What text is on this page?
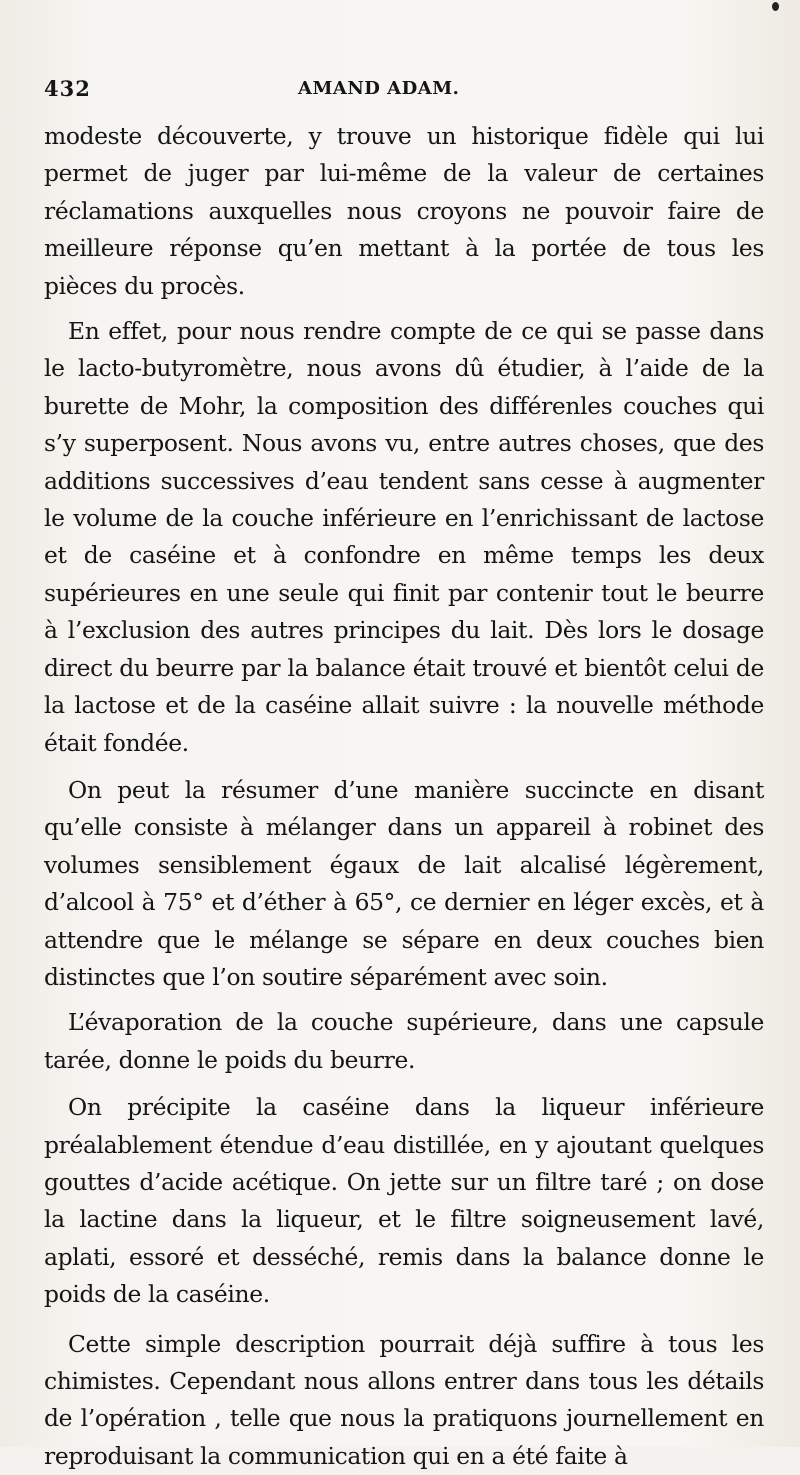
432	AMAND ADAM.

modeste découverte, y trouve un historique fidèle qui lui permet de juger par lui-même de la valeur de certaines réclamations auxquelles nous croyons ne pouvoir faire de meilleure réponse qu’en mettant à la portée de tous les pièces du procès.

En effet, pour nous rendre compte de ce qui se passe dans le lacto-butyromètre, nous avons dû étudier, à l’aide de la burette de Mohr, la composition des différenles couches qui s’y superposent. Nous avons vu, entre autres choses, que des additions successives d’eau tendent sans cesse à augmenter le volume de la couche inférieure en l’enrichissant de lactose et de caséine et à confondre en même temps les deux supérieures en une seule qui finit par contenir tout le beurre à l’exclusion des autres principes du lait. Dès lors le dosage direct du beurre par la balance était trouvé et bientôt celui de la lactose et de la caséine allait suivre : la nouvelle méthode était fondée.

On peut la résumer d’une manière succincte en disant qu’elle consiste à mélanger dans un appareil à robinet des volumes sensiblement égaux de lait alcalisé légèrement, d’alcool à 75° et d’éther à 65°, ce dernier en léger excès, et à attendre que le mélange se sépare en deux couches bien distinctes que l’on soutire séparément avec soin.

L’évaporation de la couche supérieure, dans une capsule tarée, donne le poids du beurre.

On précipite la caséine dans la liqueur inférieure préalablement étendue d’eau distillée, en y ajoutant quelques gouttes d’acide acétique. On jette sur un filtre taré ; on dose la lactine dans la liqueur, et le filtre soigneusement lavé, aplati, essoré et desséché, remis dans la balance donne le poids de la caséine.

Cette simple description pourrait déjà suffire à tous les chimistes. Cependant nous allons entrer dans tous les détails de l’opération , telle que nous la pratiquons journellement en reproduisant la communication qui en a été faite à
